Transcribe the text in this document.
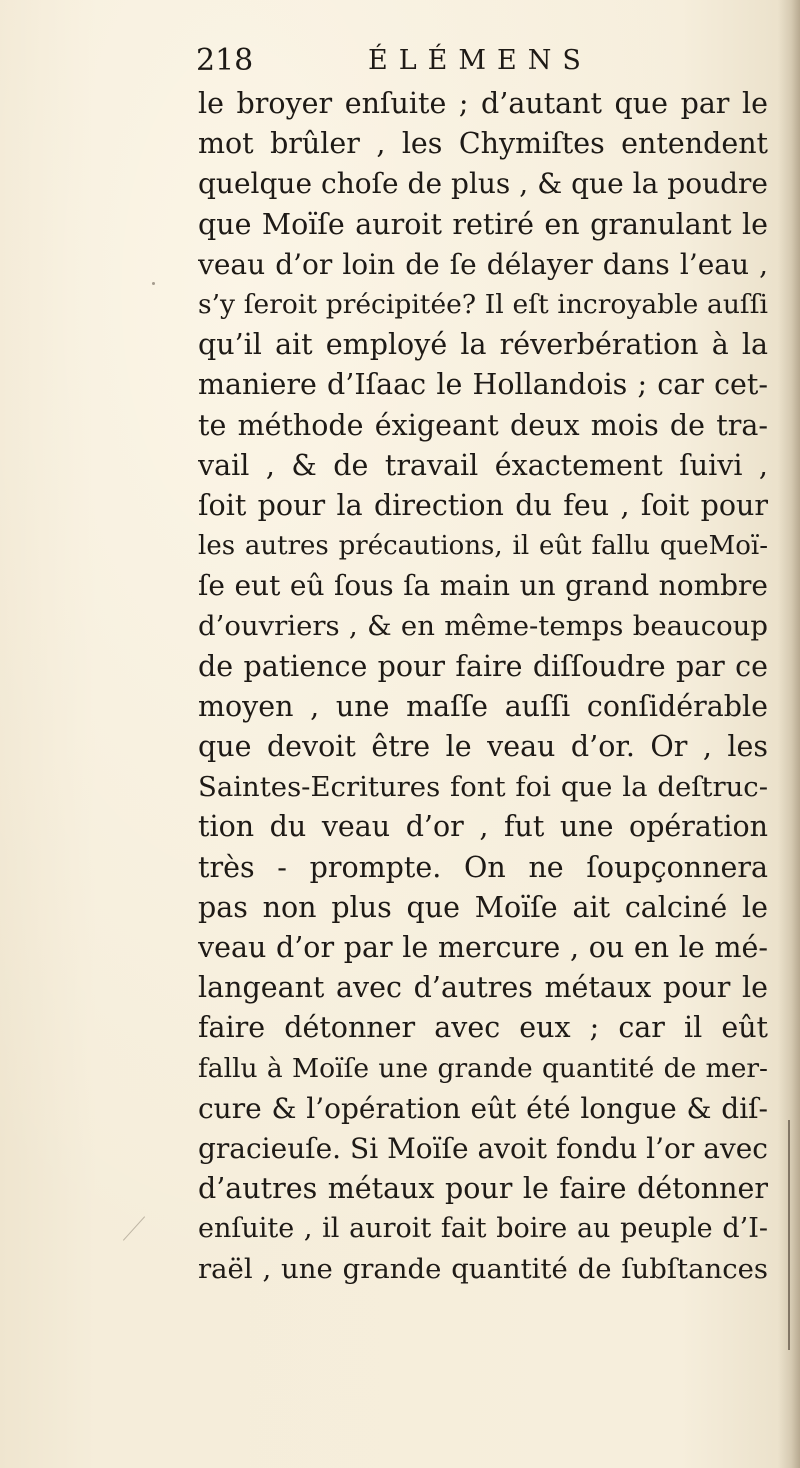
218	ÉLÉMENS
le broyer enſuite ; d’autant que par le
mot brûler , les Chymiſtes entendent
quelque choſe de plus , & que la poudre
que Moïſe auroit retiré en granulant le
veau d’or loin de ſe délayer dans l’eau ,
s’y ſeroit précipitée? Il eſt incroyable auſſi
qu’il ait employé la réverbération à la
maniere d’Iſaac le Hollandois ; car cet-
te méthode éxigeant deux mois de tra-
vail , & de travail éxactement ſuivi ,
ſoit pour la direction du feu , ſoit pour
les autres précautions, il eût fallu queMoï-
ſe eut eû ſous ſa main un grand nombre
d’ouvriers , & en même-temps beaucoup
de patience pour faire diſſoudre par ce
moyen , une maſſe auſſi conſidérable
que devoit être le veau d’or. Or , les
Saintes-Ecritures font foi que la deſtruc-
tion du veau d’or , fut une opération
très - prompte. On ne ſoupçonnera
pas non plus que Moïſe ait calciné le
veau d’or par le mercure , ou en le mé-
langeant avec d’autres métaux pour le
faire détonner avec eux ; car il eût
fallu à Moïſe une grande quantité de mer-
cure & l’opération eût été longue & diſ-
gracieuſe. Si Moïſe avoit fondu l’or avec
d’autres métaux pour le faire détonner
enſuite , il auroit fait boire au peuple d’I-
raël , une grande quantité de ſubſtances
